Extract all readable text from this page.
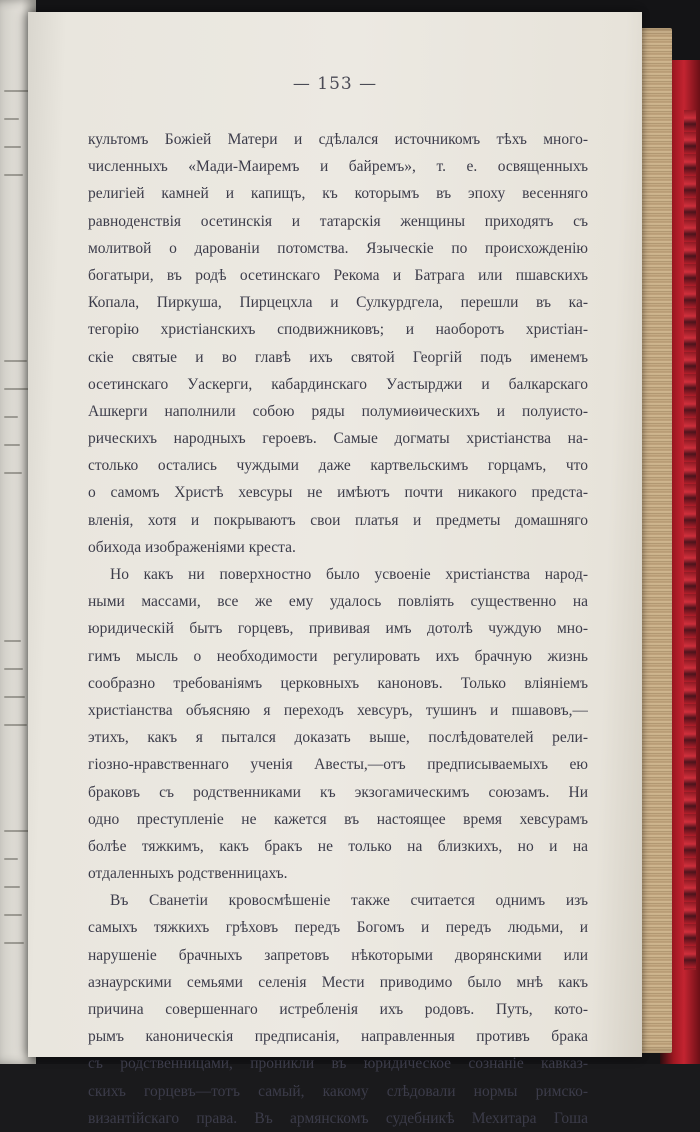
— 153 —
культомъ Божіей Матери и сдѣлался источникомъ тѣхъ много-
численныхъ «Мади-Маиремъ и байремъ», т. е. освященныхъ
религіей камней и капищъ, къ которымъ въ эпоху весенняго
равноденствія осетинскія и татарскія женщины приходятъ съ
молитвой о дарованіи потомства. Языческіе по происхожденію
богатыри, въ родѣ осетинскаго Рекома и Батрага или пшавскихъ
Копала, Пиркуша, Пирцецхла и Сулкурдгела, перешли въ ка-
тегорію христіанскихъ сподвижниковъ; и наоборотъ христіан-
скіе святые и во главѣ ихъ святой Георгій подъ именемъ
осетинскаго Уаскерги, кабардинскаго Уастырджи и балкарскаго
Ашкерги наполнили собою ряды полумиѳическихъ и полуисто-
рическихъ народныхъ героевъ. Самые догматы христіанства на-
столько остались чуждыми даже картвельскимъ горцамъ, что
о самомъ Христѣ хевсуры не имѣютъ почти никакого предста-
вленія, хотя и покрываютъ свои платья и предметы домашняго
обихода изображеніями креста.
Но какъ ни поверхностно было усвоеніе христіанства народ-
ными массами, все же ему удалось повліять существенно на
юридическій бытъ горцевъ, прививая имъ дотолѣ чуждую мно-
гимъ мысль о необходимости регулировать ихъ брачную жизнь
сообразно требованіямъ церковныхъ каноновъ. Только вліяніемъ
христіанства объясняю я переходъ хевсуръ, тушинъ и пшавовъ,—
этихъ, какъ я пытался доказать выше, послѣдователей рели-
гіозно-нравственнаго ученія Авесты,—отъ предписываемыхъ ею
браковъ съ родственниками къ экзогамическимъ союзамъ. Ни
одно преступленіе не кажется въ настоящее время хевсурамъ
болѣе тяжкимъ, какъ бракъ не только на близкихъ, но и на
отдаленныхъ родственницахъ.
Въ Сванетіи кровосмѣшеніе также считается однимъ изъ
самыхъ тяжкихъ грѣховъ передъ Богомъ и передъ людьми, и
нарушеніе брачныхъ запретовъ нѣкоторыми дворянскими или
азнаурскими семьями селенія Мести приводимо было мнѣ какъ
причина совершеннаго истребленія ихъ родовъ. Путь, кото-
рымъ каноническія предписанія, направленныя противъ брака
съ родственницами, проникли въ юридическое сознаніе кавказ-
скихъ горцевъ—тотъ самый, какому слѣдовали нормы римско-
византійскаго права. Въ армянскомъ судебникѣ Мехитара Гоша
